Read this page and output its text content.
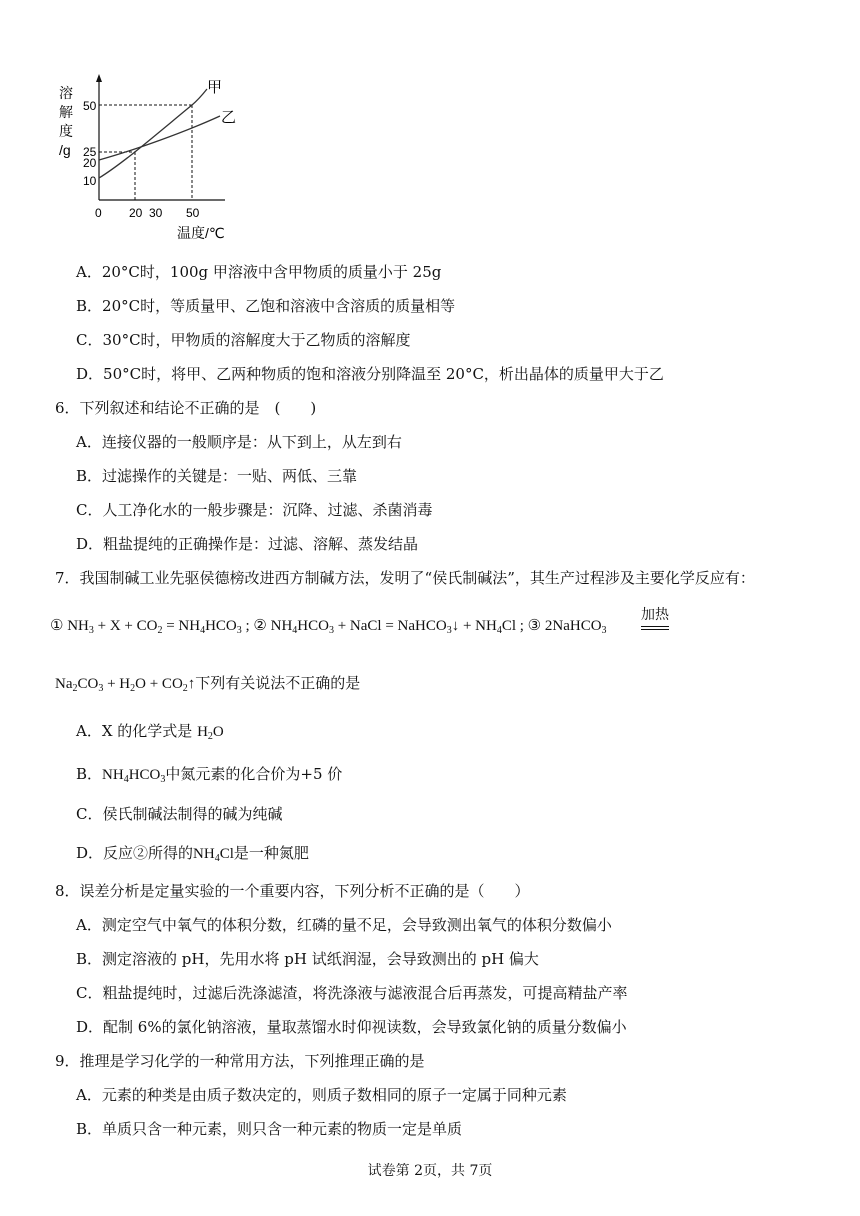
溶
解
度
/g
50
25
20
10
0 20 30 50
温度/℃
甲
乙
A．20°C时，100g 甲溶液中含甲物质的质量小于 25g
B．20°C时，等质量甲、乙饱和溶液中含溶质的质量相等
C．30°C时，甲物质的溶解度大于乙物质的溶解度
D．50°C时，将甲、乙两种物质的饱和溶液分别降温至 20°C，析出晶体的质量甲大于乙
6．下列叙述和结论不正确的是　(　　)
A．连接仪器的一般顺序是：从下到上，从左到右
B．过滤操作的关键是：一贴、两低、三靠
C．人工净化水的一般步骤是：沉降、过滤、杀菌消毒
D．粗盐提纯的正确操作是：过滤、溶解、蒸发结晶
7．我国制碱工业先驱侯德榜改进西方制碱方法，发明了“侯氏制碱法”，其生产过程涉及主要化学反应有：
① $NH_3 + X + CO_2 = NH_4HCO_3$ ; ② $NH_4HCO_3$ + NaCl = NaHCO$_3$↓ + $NH_4Cl$ ; ③ 2NaHCO$_3$
加热
$Na_2CO_3 + H_2O$ + $CO_2↑$下列有关说法不正确的是
A．X 的化学式是 $H_2O$
B．$NH_4HCO_3$中氮元素的化合价为+5 价
C．侯氏制碱法制得的碱为纯碱
D．反应②所得的$NH_4Cl$是一种氮肥
8．误差分析是定量实验的一个重要内容，下列分析不正确的是（　　）
A．测定空气中氧气的体积分数，红磷的量不足，会导致测出氧气的体积分数偏小
B．测定溶液的 pH，先用水将 pH 试纸润湿，会导致测出的 pH 偏大
C．粗盐提纯时，过滤后洗涤滤渣，将洗涤液与滤液混合后再蒸发，可提高精盐产率
D．配制 6%的氯化钠溶液，量取蒸馏水时仰视读数，会导致氯化钠的质量分数偏小
9．推理是学习化学的一种常用方法，下列推理正确的是
A．元素的种类是由质子数决定的，则质子数相同的原子一定属于同种元素
B．单质只含一种元素，则只含一种元素的物质一定是单质
试卷第 2页，共 7页
